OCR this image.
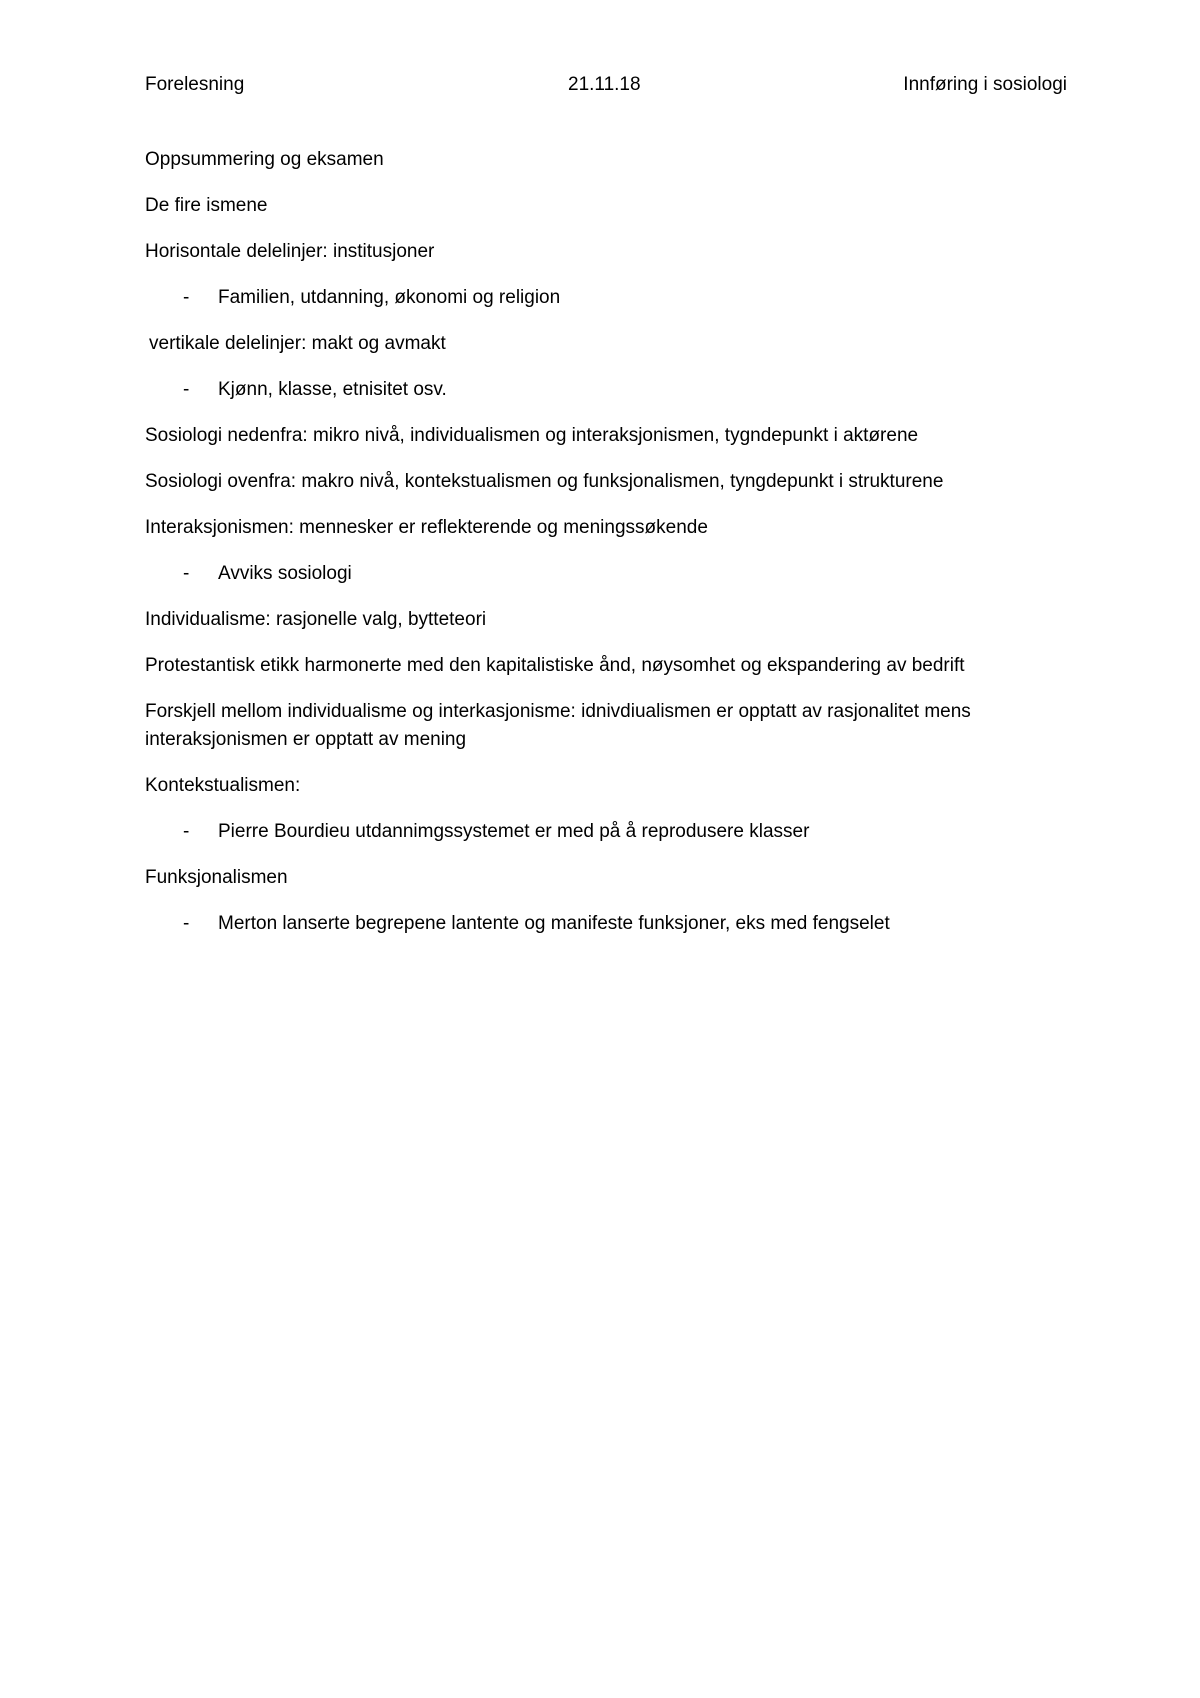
Forelesning	21.11.18	Innføring i sosiologi

Oppsummering og eksamen

De fire ismene

Horisontale delelinjer: institusjoner

- Familien, utdanning, økonomi og religion

vertikale delelinjer: makt og avmakt

- Kjønn, klasse, etnisitet osv.

Sosiologi nedenfra: mikro nivå, individualismen og interaksjonismen, tygndepunkt i aktørene

Sosiologi ovenfra: makro nivå, kontekstualismen og funksjonalismen, tyngdepunkt i strukturene

Interaksjonismen: mennesker er reflekterende og meningssøkende

- Avviks sosiologi

Individualisme: rasjonelle valg, bytteteori

Protestantisk etikk harmonerte med den kapitalistiske ånd, nøysomhet og ekspandering av bedrift

Forskjell mellom individualisme og interkasjonisme: idnivdiualismen er opptatt av rasjonalitet mens interaksjonismen er opptatt av mening

Kontekstualismen:

- Pierre Bourdieu utdannimgssystemet er med på å reprodusere klasser

Funksjonalismen

- Merton lanserte begrepene lantente og manifeste funksjoner, eks med fengselet
